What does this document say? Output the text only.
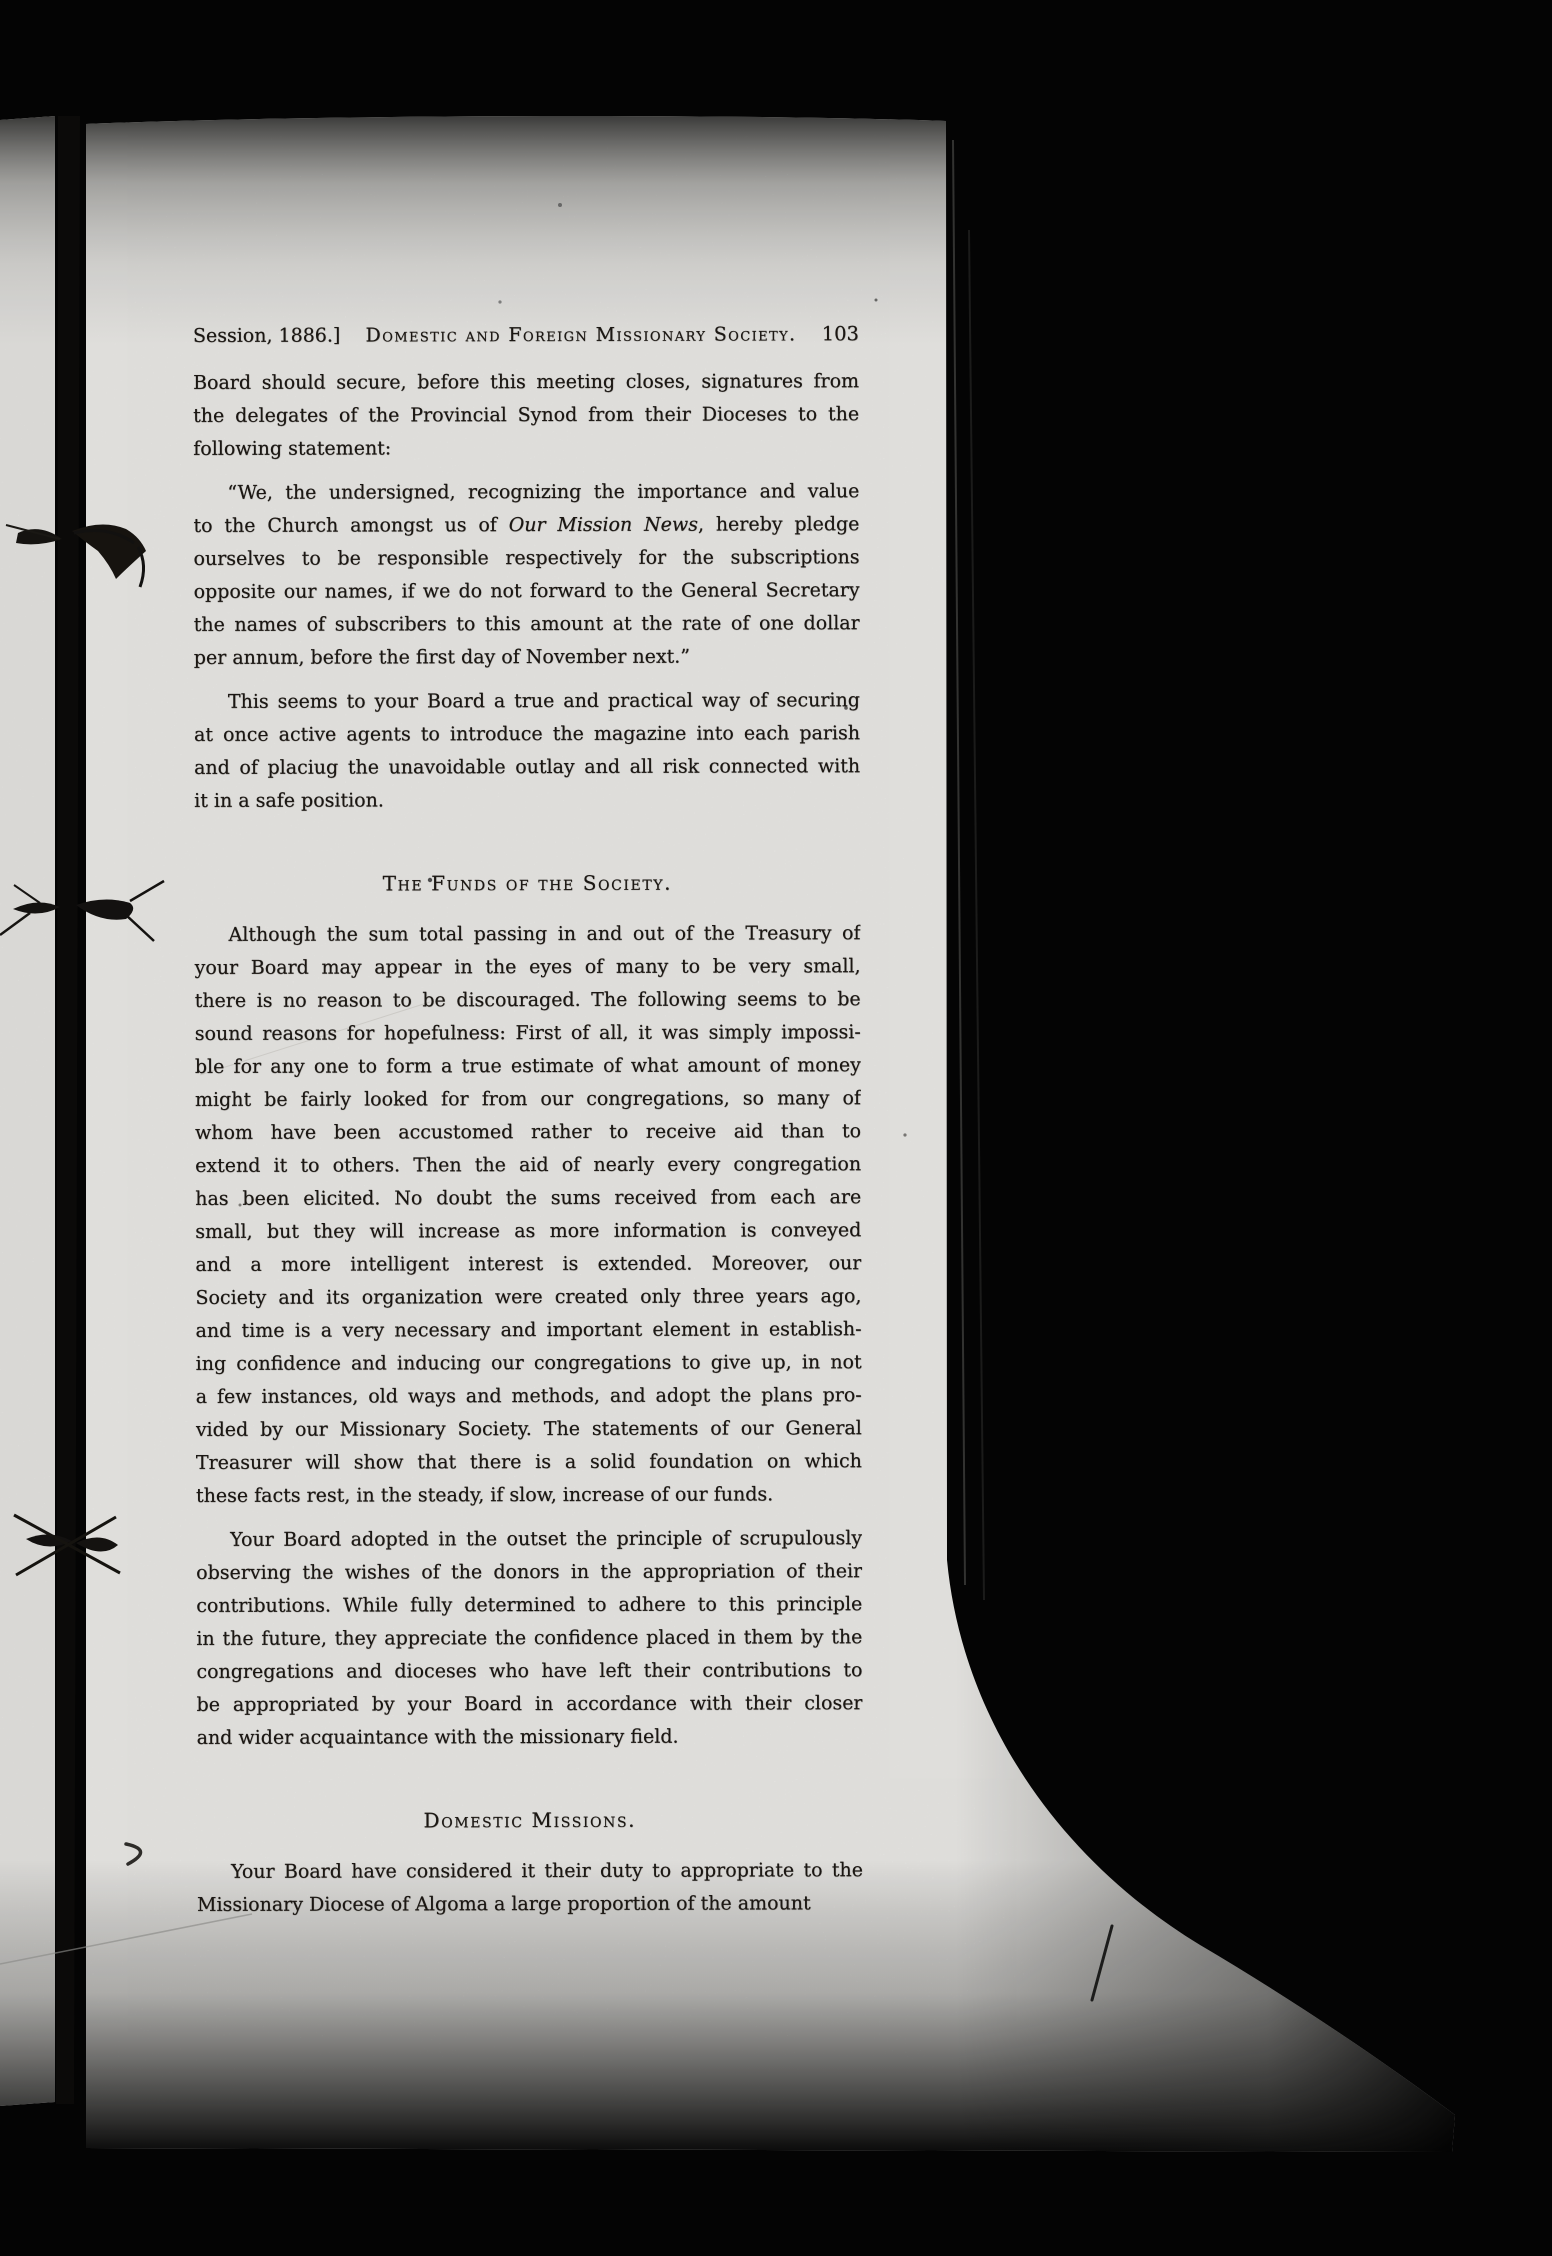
Session, 1886.]	Domestic and Foreign Missionary Society.	103
Board should secure, before this meeting closes, signatures from
the delegates of the Provincial Synod from their Dioceses to the
following statement:
“We, the undersigned, recognizing the importance and value
to the Church amongst us of Our Mission News, hereby pledge
ourselves to be responsible respectively for the subscriptions
opposite our names, if we do not forward to the General Secretary
the names of subscribers to this amount at the rate of one dollar
per annum, before the first day of November next.”
This seems to your Board a true and practical way of securing
at once active agents to introduce the magazine into each parish
and of placiug the unavoidable outlay and all risk connected with
it in a safe position.
The Funds of the Society.
Although the sum total passing in and out of the Treasury of
your Board may appear in the eyes of many to be very small,
there is no reason to be discouraged. The following seems to be
sound reasons for hopefulness: First of all, it was simply impossi-
ble for any one to form a true estimate of what amount of money
might be fairly looked for from our congregations, so many of
whom have been accustomed rather to receive aid than to
extend it to others. Then the aid of nearly every congregation
has been elicited. No doubt the sums received from each are
small, but they will increase as more information is conveyed
and a more intelligent interest is extended. Moreover, our
Society and its organization were created only three years ago,
and time is a very necessary and important element in establish-
ing confidence and inducing our congregations to give up, in not
a few instances, old ways and methods, and adopt the plans pro-
vided by our Missionary Society. The statements of our General
Treasurer will show that there is a solid foundation on which
these facts rest, in the steady, if slow, increase of our funds.
Your Board adopted in the outset the principle of scrupulously
observing the wishes of the donors in the appropriation of their
contributions. While fully determined to adhere to this principle
in the future, they appreciate the confidence placed in them by the
congregations and dioceses who have left their contributions to
be appropriated by your Board in accordance with their closer
and wider acquaintance with the missionary field.
Domestic Missions.
Your Board have considered it their duty to appropriate to the
Missionary Diocese of Algoma a large proportion of the amount
